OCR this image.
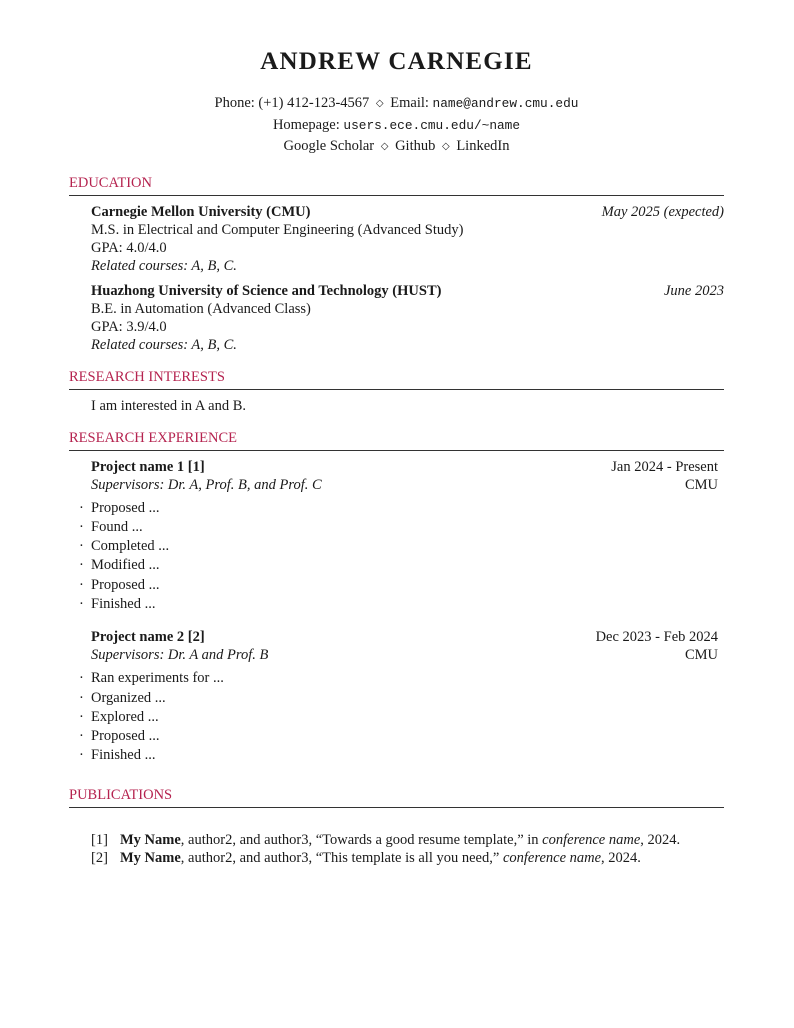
ANDREW CARNEGIE
Phone: (+1) 412-123-4567 ◇ Email: name@andrew.cmu.edu
Homepage: users.ece.cmu.edu/~name
Google Scholar ◇ Github ◇ LinkedIn
EDUCATION
Carnegie Mellon University (CMU)	May 2025 (expected)
M.S. in Electrical and Computer Engineering (Advanced Study)
GPA: 4.0/4.0
Related courses: A, B, C.
Huazhong University of Science and Technology (HUST)	June 2023
B.E. in Automation (Advanced Class)
GPA: 3.9/4.0
Related courses: A, B, C.
RESEARCH INTERESTS
I am interested in A and B.
RESEARCH EXPERIENCE
Project name 1 [1]	Jan 2024 - Present
Supervisors: Dr. A, Prof. B, and Prof. C	CMU
· Proposed ...
· Found ...
· Completed ...
· Modified ...
· Proposed ...
· Finished ...
Project name 2 [2]	Dec 2023 - Feb 2024
Supervisors: Dr. A and Prof. B	CMU
· Ran experiments for ...
· Organized ...
· Explored ...
· Proposed ...
· Finished ...
PUBLICATIONS
[1] My Name, author2, and author3, “Towards a good resume template,” in conference name, 2024.
[2] My Name, author2, and author3, “This template is all you need,” conference name, 2024.
